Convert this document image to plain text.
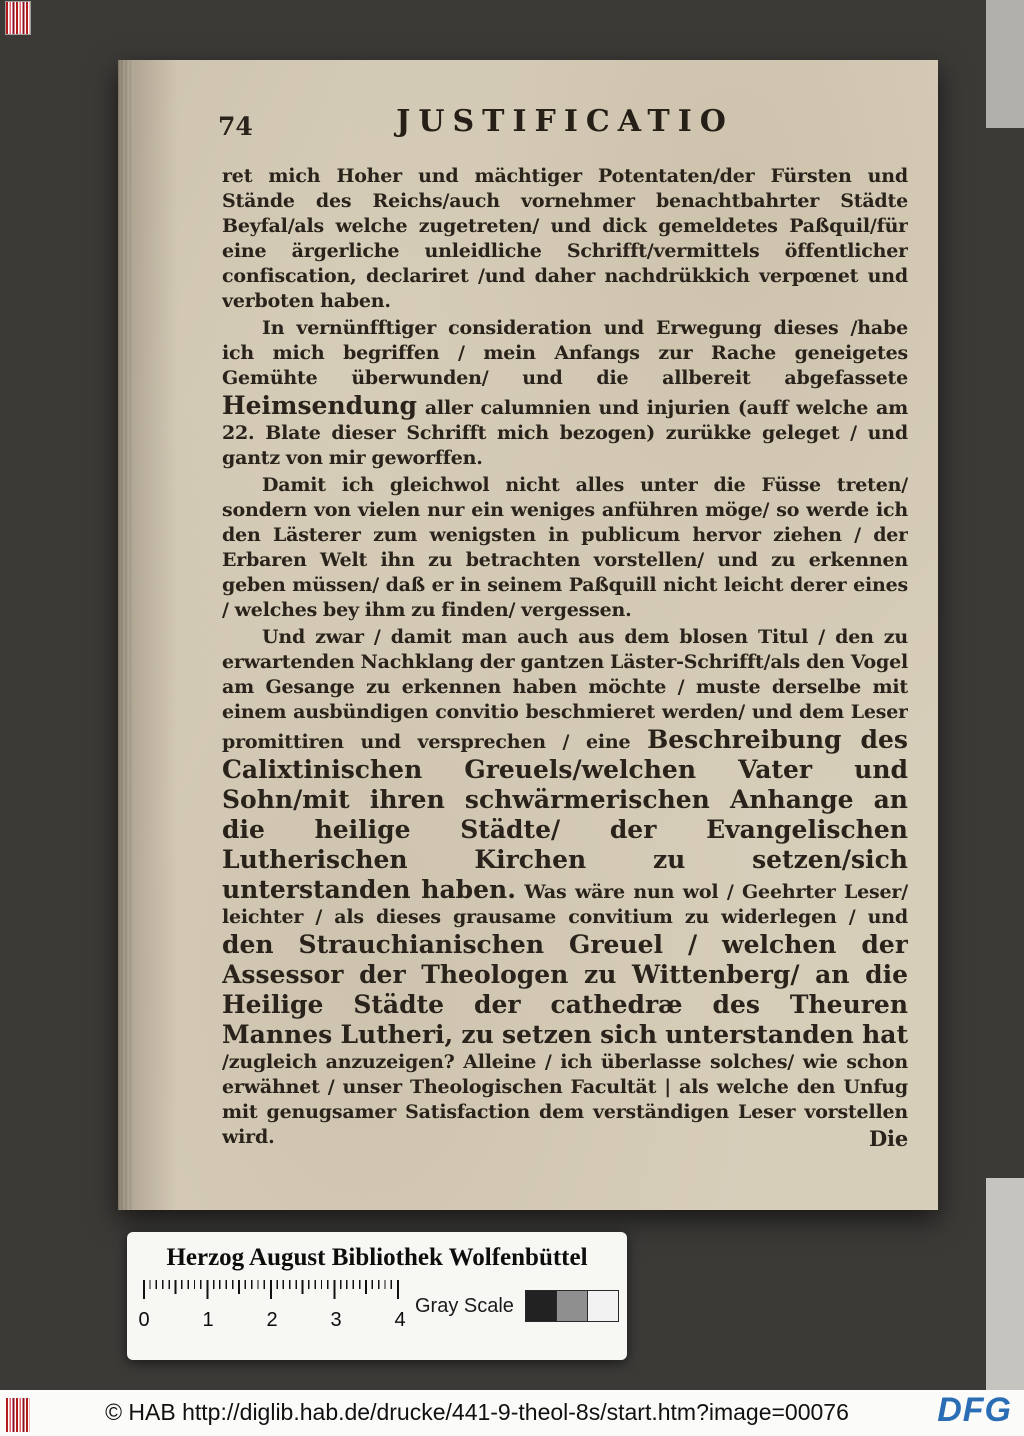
74	JUSTIFICATIO

ret mich Hoher und mächtiger Potentaten/der Fürsten und Stände des Reichs/auch vornehmer benachtbahrter Städte Beyfal/als welche zugetreten/ und dick gemeldetes Paßquil/für eine ärgerliche unleidliche Schrifft/vermittels öffentlicher confiscation, declariret /und daher nachdrükkich verpœnet und verboten haben.

In vernünfftiger consideration und Erwegung dieses /habe ich mich begriffen / mein Anfangs zur Rache geneigetes Gemühte überwunden/ und die allbereit abgefassete Heimsendung aller calumnien und injurien (auff welche am 22. Blate dieser Schrifft mich bezogen) zurükke geleget / und gantz von mir geworffen.

Damit ich gleichwol nicht alles unter die Füsse treten/ sondern von vielen nur ein weniges anführen möge/ so werde ich den Lästerer zum wenigsten in publicum hervor ziehen / der Erbaren Welt ihn zu betrachten vorstellen/ und zu erkennen geben müssen/ daß er in seinem Paßquill nicht leicht derer eines / welches bey ihm zu finden/ vergessen.

Und zwar / damit man auch aus dem blosen Titul / den zu erwartenden Nachklang der gantzen Läster-Schrifft/als den Vogel am Gesange zu erkennen haben möchte / muste derselbe mit einem ausbündigen convitio beschmieret werden/ und dem Leser promittiren und versprechen / eine Beschreibung des Calixtinischen Greuels/welchen Vater und Sohn/mit ihren schwärmerischen Anhange an die heilige Städte/ der Evangelischen Lutherischen Kirchen zu setzen/sich unterstanden haben. Was wäre nun wol / Geehrter Leser/ leichter / als dieses grausame convitium zu widerlegen / und den Strauchianischen Greuel / welchen der Assessor der Theologen zu Wittenberg/ an die Heilige Städte der cathedræ des Theuren Mannes Lutheri, zu setzen sich unterstanden hat /zugleich anzuzeigen? Alleine / ich überlasse solches/ wie schon erwähnet / unser Theologischen Facultät | als welche den Unfug mit genugsamer Satisfaction dem verständigen Leser vorstellen wird.	Die
Herzog August Bibliothek Wolfenbüttel
0	1	2	3	4
Gray Scale
© HAB http://diglib.hab.de/drucke/441-9-theol-8s/start.htm?image=00076	DFG
